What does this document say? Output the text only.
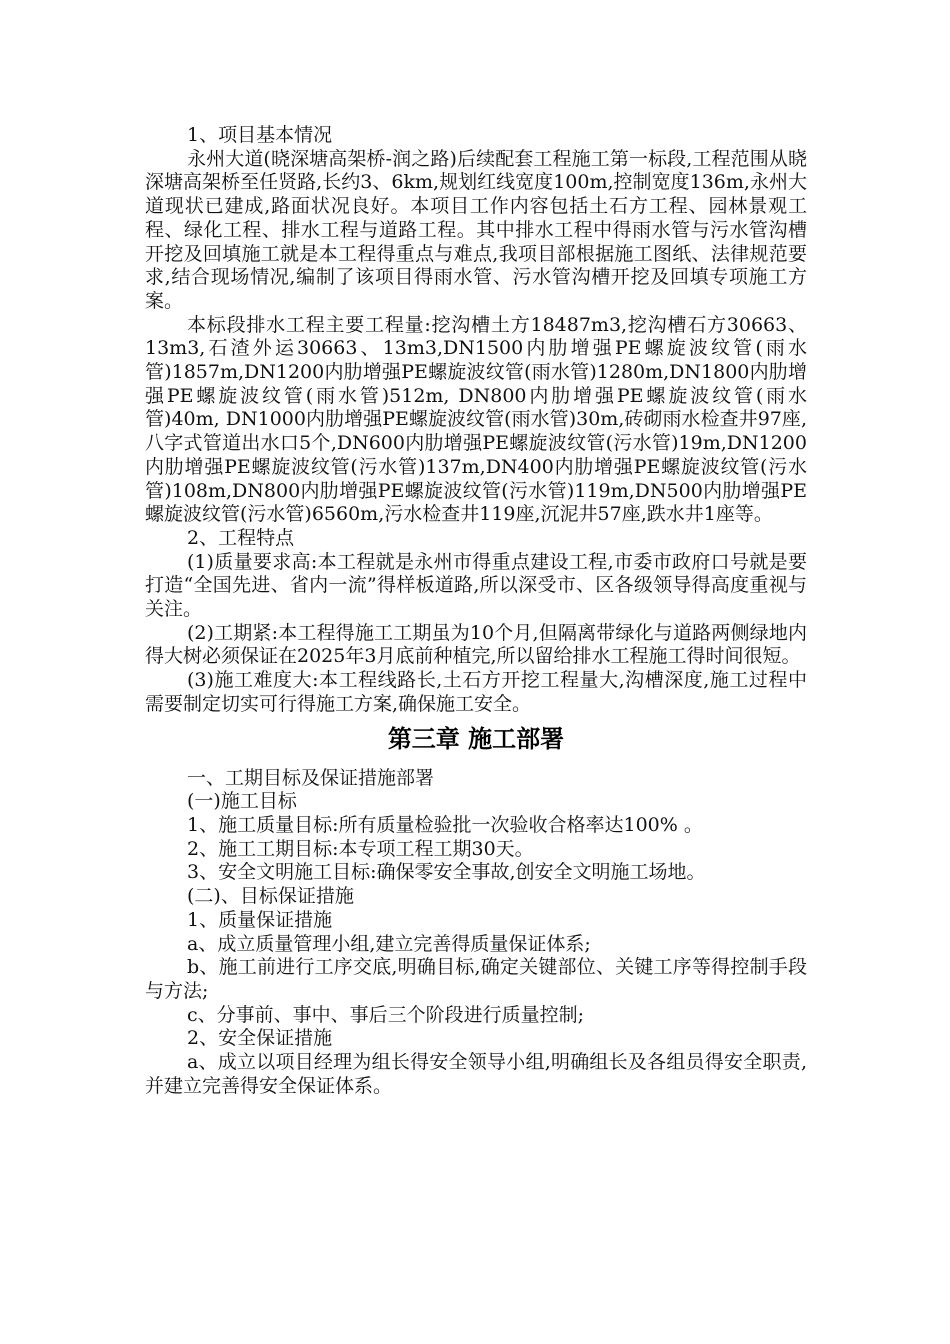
1、项目基本情况

永州大道(晓深塘高架桥-润之路)后续配套工程施工第一标段,工程范围从晓深塘高架桥至任贤路,长约3、6km,规划红线宽度100m,控制宽度136m,永州大道现状已建成,路面状况良好。本项目工作内容包括土石方工程、园林景观工程、绿化工程、排水工程与道路工程。其中排水工程中得雨水管与污水管沟槽开挖及回填施工就是本工程得重点与难点,我项目部根据施工图纸、法律规范要求,结合现场情况,编制了该项目得雨水管、污水管沟槽开挖及回填专项施工方案。

本标段排水工程主要工程量:挖沟槽土方18487m3,挖沟槽石方30663、13m3,石渣外运30663、13m3,DN1500内肋增强PE螺旋波纹管(雨水管)1857m,DN1200内肋增强PE螺旋波纹管(雨水管)1280m,DN1800内肋增强PE螺旋波纹管(雨水管)512m, DN800内肋增强PE螺旋波纹管(雨水管)40m, DN1000内肋增强PE螺旋波纹管(雨水管)30m,砖砌雨水检查井97座,八字式管道出水口5个,DN600内肋增强PE螺旋波纹管(污水管)19m,DN1200内肋增强PE螺旋波纹管(污水管)137m,DN400内肋增强PE螺旋波纹管(污水管)108m,DN800内肋增强PE螺旋波纹管(污水管)119m,DN500内肋增强PE螺旋波纹管(污水管)6560m,污水检查井119座,沉泥井57座,跌水井1座等。

2、工程特点

(1)质量要求高:本工程就是永州市得重点建设工程,市委市政府口号就是要打造“全国先进、省内一流”得样板道路,所以深受市、区各级领导得高度重视与关注。

(2)工期紧:本工程得施工工期虽为10个月,但隔离带绿化与道路两侧绿地内得大树必须保证在2025年3月底前种植完,所以留给排水工程施工得时间很短。

(3)施工难度大:本工程线路长,土石方开挖工程量大,沟槽深度,施工过程中需要制定切实可行得施工方案,确保施工安全。

第三章 施工部署

一、工期目标及保证措施部署

(一)施工目标

1、施工质量目标:所有质量检验批一次验收合格率达100% 。

2、施工工期目标:本专项工程工期30天。

3、安全文明施工目标:确保零安全事故,创安全文明施工场地。

(二)、目标保证措施

1、质量保证措施

a、成立质量管理小组,建立完善得质量保证体系;

b、施工前进行工序交底,明确目标,确定关键部位、关键工序等得控制手段与方法;

c、分事前、事中、事后三个阶段进行质量控制;

2、安全保证措施

a、成立以项目经理为组长得安全领导小组,明确组长及各组员得安全职责,并建立完善得安全保证体系。
